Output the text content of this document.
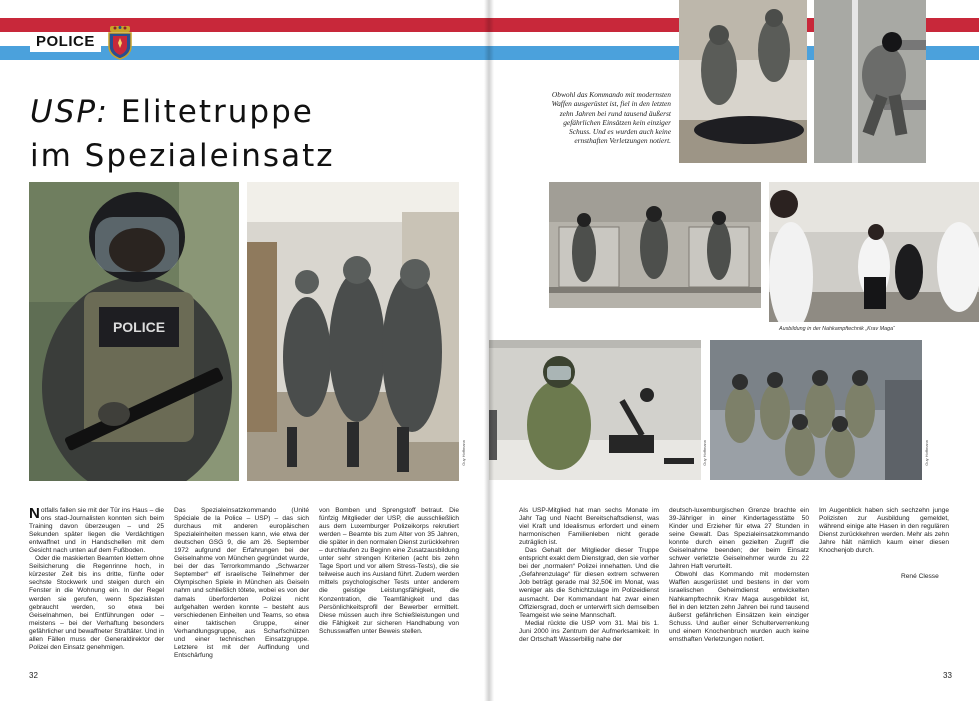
POLICE
USP: Elitetruppe
im Spezialeinsatz
POLICE
Guy Hoffmann

Notfalls fallen sie mit der Tür ins Haus – die ons stad-Journalisten konnten sich beim Training davon überzeugen – und 25 Sekunden später liegen die Verdächtigen entwaffnet und in Handschellen mit dem Gesicht nach unten auf dem Fußboden.

Oder die maskierten Beamten klettern ohne Seilsicherung die Regenrinne hoch, in kürzester Zeit bis ins dritte, fünfte oder sechste Stockwerk und steigen durch ein Fenster in die Wohnung ein. In der Regel werden sie gerufen, wenn Spezialisten gebraucht werden, so etwa bei Geiselnahmen, bei Entführungen oder – meistens – bei der Verhaftung besonders gefährlicher und bewaffneter Straftäter. Und in allen Fällen muss der Generaldirektor der Polizei den Einsatz genehmigen.

Das Spezialeinsatzkommando (Unité Spéciale de la Police – USP) – das sich durchaus mit anderen europäischen Spezialeinheiten messen kann, wie etwa der deutschen GSG 9, die am 26. September 1972 aufgrund der Erfahrungen bei der Geiselnahme von München gegründet wurde, bei der das Terrorkommando „Schwarzer September“ elf israelische Teilnehmer der Olympischen Spiele in München als Geiseln nahm und schließlich tötete, wobei es von der damals überforderten Polizei nicht aufgehalten werden konnte – besteht aus verschiedenen Einheiten und Teams, so etwa einer taktischen Gruppe, einer Verhandlungsgruppe, aus Scharfschützen und einer technischen Einsatzgruppe. Letztere ist mit der Auffindung und Entschärfung

von Bomben und Sprengstoff betraut. Die fünfzig Mitglieder der USP, die ausschließlich aus dem Luxemburger Polizeikorps rekrutiert werden – Beamte bis zum Alter von 35 Jahren, die später in den normalen Dienst zurückkehren – durchlaufen zu Beginn eine Zusatzausbildung unter sehr strengen Kriterien (acht bis zehn Tage Sport und vor allem Stress-Tests), die sie teilweise auch ins Ausland führt. Zudem werden mittels psychologischer Tests unter anderem die geistige Leistungsfähigkeit, die Konzentration, die Teamfähigkeit und das Persönlichkeitsprofil der Bewerber ermittelt. Diese müssen auch ihre Schießleistungen und die Fähigkeit zur sicheren Handhabung von Schusswaffen unter Beweis stellen.

32
Obwohl das Kommando mit modernsten Waffen ausgerüstet ist, fiel in den letzten zehn Jahren bei rund tausend äußerst gefährlichen Einsätzen kein einziger Schuss. Und es wurden auch keine ernsthaften Verletzungen notiert.
Ausbildung in der Nahkampftechnik „Krav Maga“
Guy Hoffmann	Guy Hoffmann

Als USP-Mitglied hat man sechs Monate im Jahr Tag und Nacht Bereitschaftsdienst, was viel Kraft und Idealismus erfordert und einem harmonischen Familienleben nicht gerade zuträglich ist.

Das Gehalt der Mitglieder dieser Truppe entspricht exakt dem Dienstgrad, den sie vorher bei der „normalen“ Polizei innehatten. Und die „Gefahrenzulage“ für diesen extrem schweren Job beträgt gerade mal 32,50€ im Monat, was weniger als die Schichtzulage im Polizeidienst ausmacht. Der Kommandant hat zwar einen Offiziersgrad, doch er unterwirft sich demselben Teamgeist wie seine Mannschaft.

Medial rückte die USP vom 31. Mai bis 1. Juni 2000 ins Zentrum der Aufmerksamkeit: In der Ortschaft Wasserbillig nahe der

deutsch-luxemburgischen Grenze brachte ein 39-Jähriger in einer Kindertagesstätte 50 Kinder und Erzieher für etwa 27 Stunden in seine Gewalt. Das Spezialeinsatzkommando konnte durch einen gezielten Zugriff die Geiselnahme beenden; der beim Einsatz schwer verletzte Geiselnehmer wurde zu 22 Jahren Haft verurteilt.

Obwohl das Kommando mit modernsten Waffen ausgerüstet und bestens in der vom israelischen Geheimdienst entwickelten Nahkampftechnik Krav Maga ausgebildet ist, fiel in den letzten zehn Jahren bei rund tausend äußerst gefährlichen Einsätzen kein einziger Schuss. Und außer einer Schulterverrenkung und einem Knochenbruch wurden auch keine ernsthaften Verletzungen notiert.

Im Augenblick haben sich sechzehn junge Polizisten zur Ausbildung gemeldet, während einige alte Hasen in den regulären Dienst zurückkehren werden. Mehr als zehn Jahre hält nämlich kaum einer diesen Knochenjob durch.

René Clesse
33
